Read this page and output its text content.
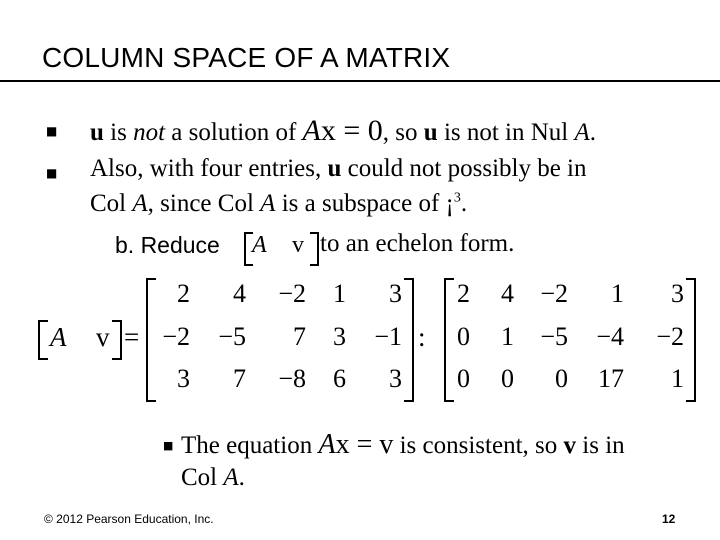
COLUMN SPACE OF A MATRIX
■ u is not a solution of Ax = 0, so u is not in Nul A.
■ Also, with four entries, u could not possibly be in
Col A, since Col A is a subspace of ¡$^3$.
b. Reduce A v to an echelon form.
A v =
2	4	−2	1	3
−2	−5	7	3	−1
3	7	−8	6	3
:
2	4	−2	1	3
0	1	−5	−4	−2
0	0	0	17	1
■ The equation Ax = v is consistent, so v is in
Col A.
© 2012 Pearson Education, Inc.	12
